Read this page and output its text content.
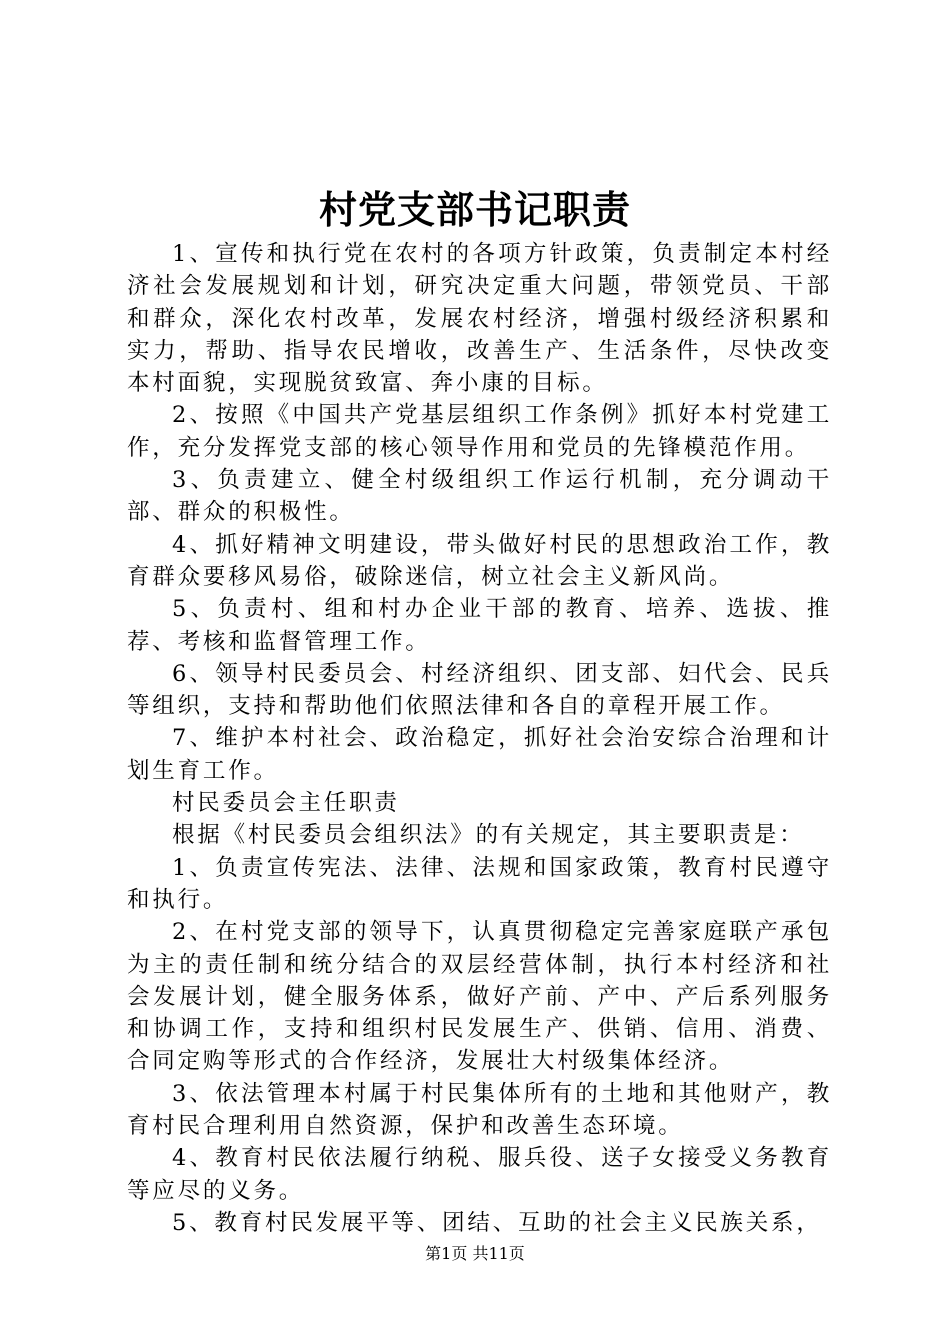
村党支部书记职责

1、宣传和执行党在农村的各项方针政策，负责制定本村经济社会发展规划和计划，研究决定重大问题，带领党员、干部和群众，深化农村改革，发展农村经济，增强村级经济积累和实力，帮助、指导农民增收，改善生产、生活条件，尽快改变本村面貌，实现脱贫致富、奔小康的目标。

2、按照《中国共产党基层组织工作条例》抓好本村党建工作，充分发挥党支部的核心领导作用和党员的先锋模范作用。

3、负责建立、健全村级组织工作运行机制，充分调动干部、群众的积极性。

4、抓好精神文明建设，带头做好村民的思想政治工作，教育群众要移风易俗，破除迷信，树立社会主义新风尚。

5、负责村、组和村办企业干部的教育、培养、选拔、推荐、考核和监督管理工作。

6、领导村民委员会、村经济组织、团支部、妇代会、民兵等组织，支持和帮助他们依照法律和各自的章程开展工作。

7、维护本村社会、政治稳定，抓好社会治安综合治理和计划生育工作。

村民委员会主任职责

根据《村民委员会组织法》的有关规定，其主要职责是：

1、负责宣传宪法、法律、法规和国家政策，教育村民遵守和执行。

2、在村党支部的领导下，认真贯彻稳定完善家庭联产承包为主的责任制和统分结合的双层经营体制，执行本村经济和社会发展计划，健全服务体系，做好产前、产中、产后系列服务和协调工作，支持和组织村民发展生产、供销、信用、消费、合同定购等形式的合作经济，发展壮大村级集体经济。

3、依法管理本村属于村民集体所有的土地和其他财产，教育村民合理利用自然资源，保护和改善生态环境。

4、教育村民依法履行纳税、服兵役、送子女接受义务教育等应尽的义务。

5、教育村民发展平等、团结、互助的社会主义民族关系，

第1页 共11页
